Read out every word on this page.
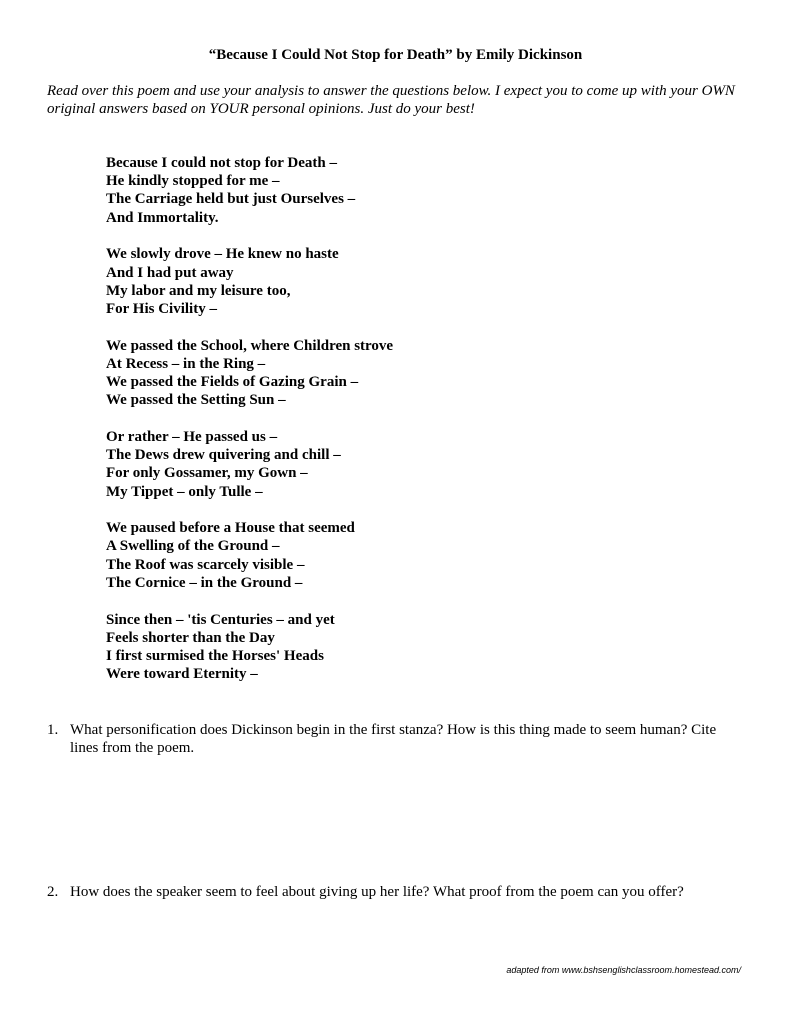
“Because I Could Not Stop for Death” by Emily Dickinson
Read over this poem and use your analysis to answer the questions below. I expect you to come up with your OWN original answers based on YOUR personal opinions. Just do your best!
Because I could not stop for Death –
He kindly stopped for me –
The Carriage held but just Ourselves –
And Immortality.
We slowly drove – He knew no haste
And I had put away
My labor and my leisure too,
For His Civility –
We passed the School, where Children strove
At Recess – in the Ring –
We passed the Fields of Gazing Grain –
We passed the Setting Sun –
Or rather – He passed us –
The Dews drew quivering and chill –
For only Gossamer, my Gown –
My Tippet – only Tulle –
We paused before a House that seemed
A Swelling of the Ground –
The Roof was scarcely visible –
The Cornice – in the Ground –
Since then – 'tis Centuries – and yet
Feels shorter than the Day
I first surmised the Horses' Heads
Were toward Eternity –
1. What personification does Dickinson begin in the first stanza? How is this thing made to seem human? Cite lines from the poem.
2. How does the speaker seem to feel about giving up her life? What proof from the poem can you offer?
adapted from www.bshsenglishclassroom.homestead.com/
